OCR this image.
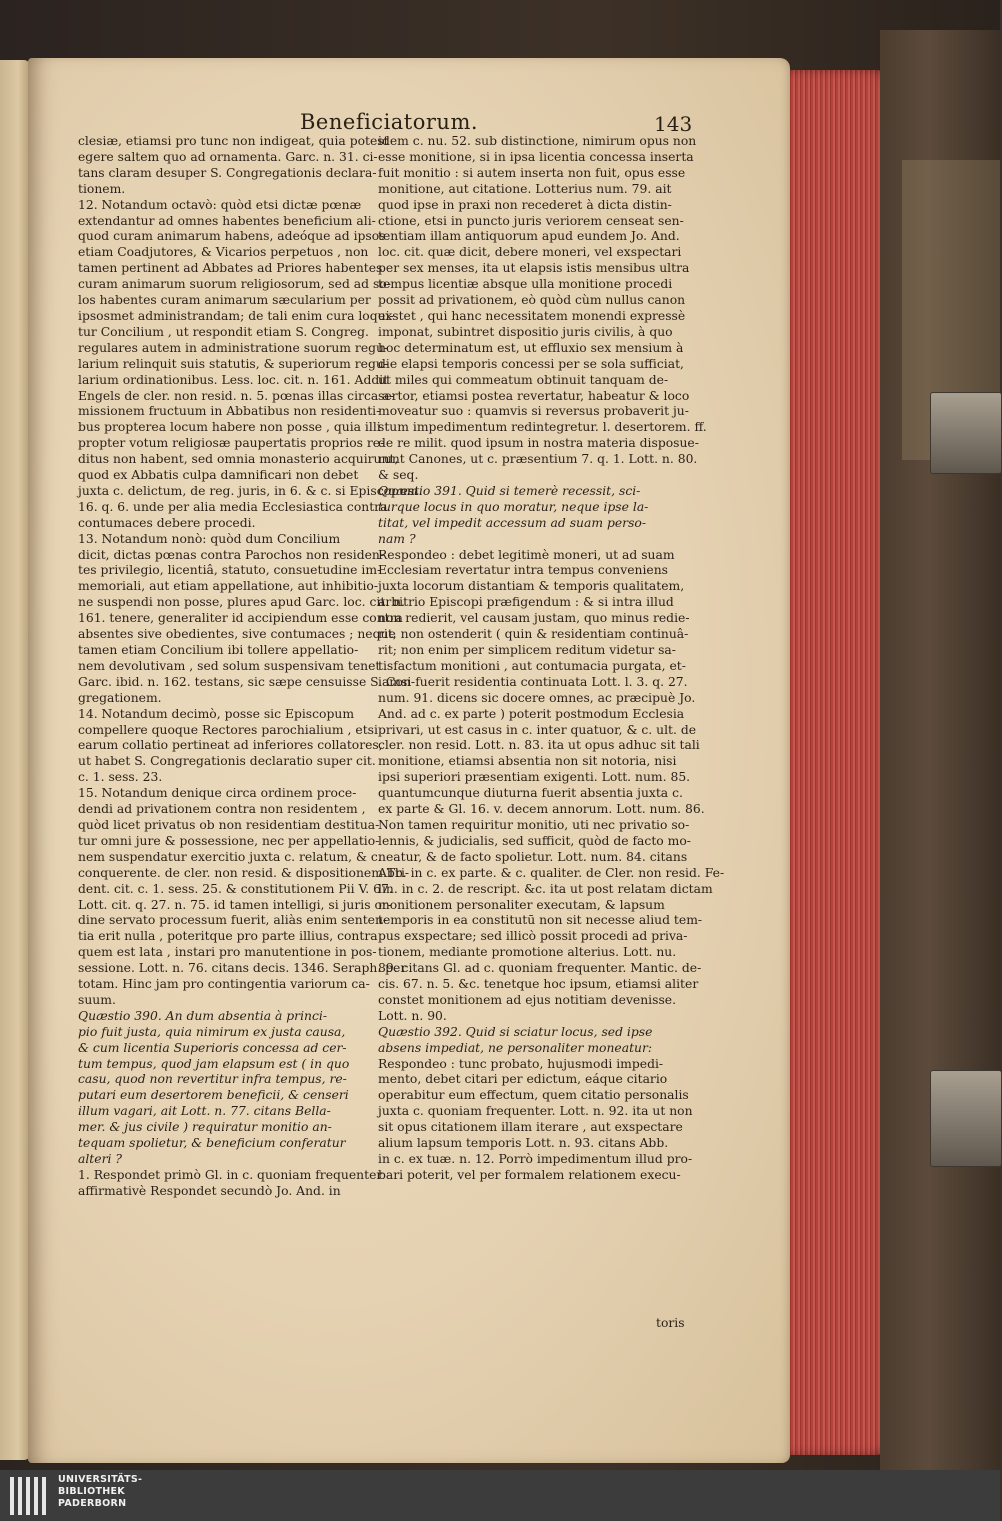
Beneficiatorum.	143

clesiæ, etiamsi pro tunc non indigeat, quia potest
egere saltem quo ad ornamenta. Garc. n. 31. ci-
tans claram desuper S. Congregationis declara-
tionem.

12. Notandum octavò: quòd etsi dictæ pœnæ
extendantur ad omnes habentes beneficium ali-
quod curam animarum habens, adeóque ad ipsos
etiam Coadjutores, & Vicarios perpetuos , non
tamen pertinent ad Abbates ad Priores habentes
curam animarum suorum religiosorum, sed ad so-
los habentes curam animarum sæcularium per
ipsosmet administrandam; de tali enim cura loqui-
tur Concilium , ut respondit etiam S. Congreg.
regulares autem in administratione suorum regu-
larium relinquit suis statutis, & superiorum regu-
larium ordinationibus. Less. loc. cit. n. 161. Addit
Engels de cler. non resid. n. 5. pœnas illas circa a-
missionem fructuum in Abbatibus non residenti-
bus propterea locum habere non posse , quia illi
propter votum religiosæ paupertatis proprios re-
ditus non habent, sed omnia monasterio acquirunt,
quod ex Abbatis culpa damnificari non debet
juxta c. delictum, de reg. juris, in 6. & c. si Episcopum.
16. q. 6. unde per alia media Ecclesiastica contra
contumaces debere procedi.

13. Notandum nonò: quòd dum Concilium
dicit, dictas pœnas contra Parochos non residen-
tes privilegio, licentiâ, statuto, consuetudine im-
memoriali, aut etiam appellatione, aut inhibitio-
ne suspendi non posse, plures apud Garc. loc. cit. n.
161. tenere, generaliter id accipiendum esse contra
absentes sive obedientes, sive contumaces ; neque
tamen etiam Concilium ibi tollere appellatio-
nem devolutivam , sed solum suspensivam tenet
Garc. ibid. n. 162. testans, sic sæpe censuisse S. Con-
gregationem.

14. Notandum decimò, posse sic Episcopum
compellere quoque Rectores parochialium , etsi
earum collatio pertineat ad inferiores collatores,
ut habet S. Congregationis declaratio super cit.
c. 1. sess. 23.

15. Notandum denique circa ordinem proce-
dendi ad privationem contra non residentem ,
quòd licet privatus ob non residentiam destitua-
tur omni jure & possessione, nec per appellatio-
nem suspendatur exercitio juxta c. relatum, & c.
conquerente. de cler. non resid. & dispositionem Tri-
dent. cit. c. 1. sess. 25. & constitutionem Pii V. 67.
Lott. cit. q. 27. n. 75. id tamen intelligi, si juris or-
dine servato processum fuerit, aliàs enim senten-
tia erit nulla , poteritque pro parte illius, contra
quem est lata , instari pro manutentione in pos-
sessione. Lott. n. 76. citans decis. 1346. Seraph. per
totam. Hinc jam pro contingentia variorum ca-
suum.

Quæstio 390. An dum absentia à princi-
pio fuit justa, quia nimirum ex justa causa,
& cum licentia Superioris concessa ad cer-
tum tempus, quod jam elapsum est ( in quo
casu, quod non revertitur infra tempus, re-
putari eum desertorem beneficii, & censeri
illum vagari, ait Lott. n. 77. citans Bella-
mer. & jus civile ) requiratur monitio an-
tequam spolietur, & beneficium conferatur
alteri ?

1. Respondet primò Gl. in c. quoniam frequenter
affirmativè Respondet secundò Jo. And. in

idem c. nu. 52. sub distinctione, nimirum opus non
esse monitione, si in ipsa licentia concessa inserta
fuit monitio : si autem inserta non fuit, opus esse
monitione, aut citatione. Lotterius num. 79. ait
quod ipse in praxi non recederet à dicta distin-
ctione, etsi in puncto juris veriorem censeat sen-
tentiam illam antiquorum apud eundem Jo. And.
loc. cit. quæ dicit, debere moneri, vel exspectari
per sex menses, ita ut elapsis istis mensibus ultra
tempus licentiæ absque ulla monitione procedi
possit ad privationem, eò quòd cùm nullus canon
exstet , qui hanc necessitatem monendi expressè
imponat, subintret dispositio juris civilis, à quo
hoc determinatum est, ut effluxio sex mensium à
die elapsi temporis concessi per se sola sufficiat,
ut miles qui commeatum obtinuit tanquam de-
sertor, etiamsi postea revertatur, habeatur & loco
moveatur suo : quamvis si reversus probaverit ju-
stum impedimentum redintegretur. l. desertorem. ff.
de re milit. quod ipsum in nostra materia disposue-
runt Canones, ut c. præsentium 7. q. 1. Lott. n. 80.
& seq.

Quæstio 391. Quid si temerè recessit, sci-
turque locus in quo moratur, neque ipse la-
titat, vel impedit accessum ad suam perso-
nam ?

Respondeo : debet legitimè moneri, ut ad suam
Ecclesiam revertatur intra tempus conveniens
juxta locorum distantiam & temporis qualitatem,
arbitrio Episcopi præfigendum : & si intra illud
non redierit, vel causam justam, quo minus redie-
rit, non ostenderit ( quin & residentiam continuâ-
rit; non enim per simplicem reditum videtur sa-
tisfactum monitioni , aut contumacia purgata, et-
iamsi fuerit residentia continuata Lott. l. 3. q. 27.
num. 91. dicens sic docere omnes, ac præcipuè Jo.
And. ad c. ex parte ) poterit postmodum Ecclesia
privari, ut est casus in c. inter quatuor, & c. ult. de
cler. non resid. Lott. n. 83. ita ut opus adhuc sit tali
monitione, etiamsi absentia non sit notoria, nisi
ipsi superiori præsentiam exigenti. Lott. num. 85.
quantumcunque diuturna fuerit absentia juxta c.
ex parte & Gl. 16. v. decem annorum. Lott. num. 86.
Non tamen requiritur monitio, uti nec privatio so-
lennis, & judicialis, sed sufficit, quòd de facto mo-
neatur, & de facto spolietur. Lott. num. 84. citans
Abb. in c. ex parte. & c. qualiter. de Cler. non resid. Fe-
lin. in c. 2. de rescript. &c. ita ut post relatam dictam
monitionem personaliter executam, & lapsum
temporis in ea constitutū non sit necesse aliud tem-
pus exspectare; sed illicò possit procedi ad priva-
tionem, mediante promotione alterius. Lott. nu.
89. citans Gl. ad c. quoniam frequenter. Mantic. de-
cis. 67. n. 5. &c. tenetque hoc ipsum, etiamsi aliter
constet monitionem ad ejus notitiam devenisse.
Lott. n. 90.

Quæstio 392. Quid si sciatur locus, sed ipse
absens impediat, ne personaliter moneatur:

Respondeo : tunc probato, hujusmodi impedi-
mento, debet citari per edictum, eáque citario
operabitur eum effectum, quem citatio personalis
juxta c. quoniam frequenter. Lott. n. 92. ita ut non
sit opus citationem illam iterare , aut exspectare
alium lapsum temporis Lott. n. 93. citans Abb.
in c. ex tuæ. n. 12. Porrò impedimentum illud pro-
bari poterit, vel per formalem relationem execu-

toris
UNIVERSITÄTS-
BIBLIOTHEK
PADERBORN
